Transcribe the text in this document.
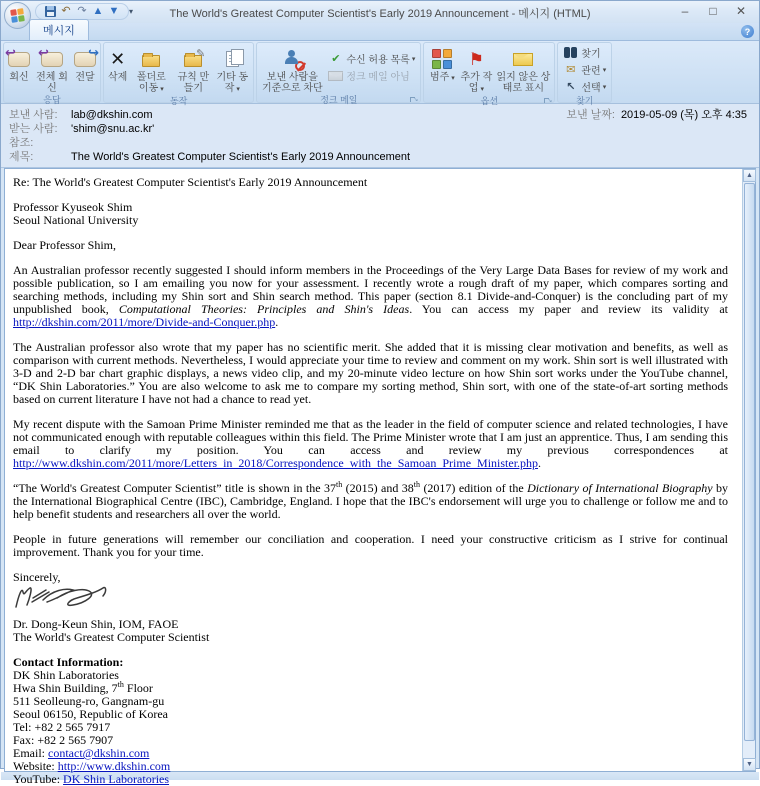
↶ ↷ ▲ ▼	▾	The World's Greatest Computer Scientist's Early 2019 Announcement - 메시지 (HTML)	–	□	✕
메시지	?
↩
회신
↩
전체 회신
↪
전달
응답
✕
삭제 폴더로 이동 ▾
✎
규칙 만들기
기타 동작 ▾
동작
보낸 사람을 기준으로 차단
✔ 수신 허용 목록 ▾
정크 메일 아님
정크 메일
↘
범주 ▾
⚑
추가 작업 ▾
읽지 않은 상태로 표시
옵션
↘
찾기
✉ 관련 ▾
↖ 선택 ▾
찾기
보낸 사람:	lab@dkshin.com	보낸 날짜: 2019-05-09 (목) 오후 4:35
받는 사람:	'shim@snu.ac.kr'
참조:
제목:	The World's Greatest Computer Scientist's Early 2019 Announcement

Re: The World's Greatest Computer Scientist's Early 2019 Announcement

Professor Kyuseok Shim
Seoul National University

Dear Professor Shim,

An Australian professor recently suggested I should inform members in the Proceedings of the Very Large Data Bases for review of my work and possible publication, so I am emailing you now for your assessment. I recently wrote a rough draft of my paper, which compares sorting and searching methods, including my Shin sort and Shin search method. This paper (section 8.1 Divide-and-Conquer) is the concluding part of my unpublished book, Computational Theories: Principles and Shin's Ideas. You can access my paper and review its validity at http://dkshin.com/2011/more/Divide-and-Conquer.php.

The Australian professor also wrote that my paper has no scientific merit. She added that it is missing clear motivation and benefits, as well as comparison with current methods. Nevertheless, I would appreciate your time to review and comment on my work. Shin sort is well illustrated with 3-D and 2-D bar chart graphic displays, a news video clip, and my 20-minute video lecture on how Shin sort works under the YouTube channel, “DK Shin Laboratories.” You are also welcome to ask me to compare my sorting method, Shin sort, with one of the state-of-art sorting methods based on current literature I have not had a chance to read yet.

My recent dispute with the Samoan Prime Minister reminded me that as the leader in the field of computer science and related technologies, I have not communicated enough with reputable colleagues within this field. The Prime Minister wrote that I am just an apprentice. Thus, I am sending this email to clarify my position. You can access and review my previous correspondences at http://www.dkshin.com/2011/more/Letters_in_2018/Correspondence_with_the_Samoan_Prime_Minister.php.

“The World's Greatest Computer Scientist” title is shown in the 37th (2015) and 38th (2017) edition of the Dictionary of International Biography by the International Biographical Centre (IBC), Cambridge, England. I hope that the IBC's endorsement will urge you to challenge or follow me and to help benefit students and researchers all over the world.

People in future generations will remember our conciliation and cooperation. I need your constructive criticism as I strive for continual improvement. Thank you for your time.

Sincerely,

Dr. Dong-Keun Shin, IOM, FAOE
The World's Greatest Computer Scientist

Contact Information:
DK Shin Laboratories
Hwa Shin Building, 7th Floor
511 Seolleung-ro, Gangnam-gu
Seoul 06150, Republic of Korea
Tel: +82 2 565 7917
Fax: +82 2 565 7907
Email: contact@dkshin.com
Website: http://www.dkshin.com
YouTube: DK Shin Laboratories
▲
▼
